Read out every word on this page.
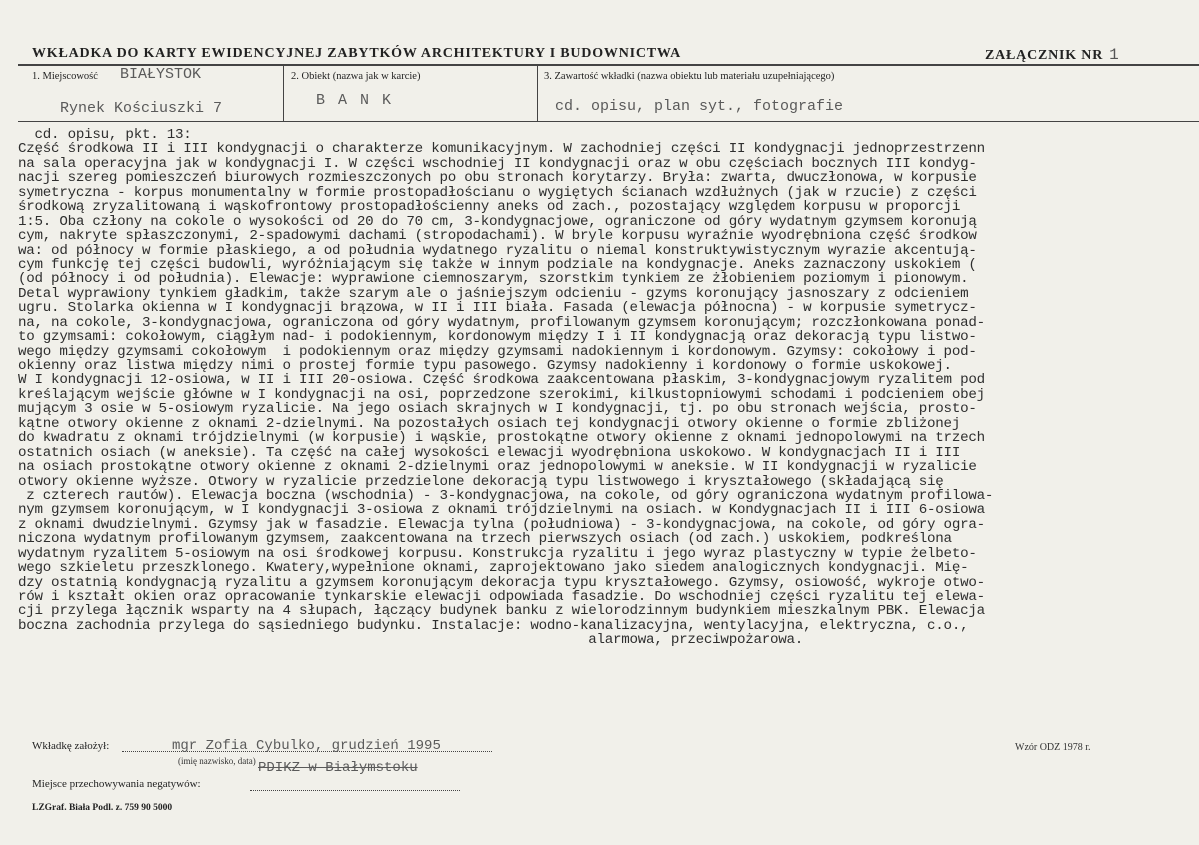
WKŁADKA DO KARTY EWIDENCYJNEJ ZABYTKÓW ARCHITEKTURY I BUDOWNICTWA	ZAŁĄCZNIK NR 1
1. Miejscowość BIAŁYSTOK
Rynek Kościuszki 7
2. Obiekt (nazwa jak w karcie)
B A N K
3. Zawartość wkładki (nazwa obiektu lub materiału uzupełniającego)
cd. opisu, plan syt., fotografie
cd. opisu, pkt. 13:
Część środkowa II i III kondygnacji o charakterze komunikacyjnym. W zachodniej części II kondygnacji jednoprzestrzenn
na sala operacyjna jak w kondygnacji I. W części wschodniej II kondygnacji oraz w obu częściach bocznych III kondyg-
nacji szereg pomieszczeń biurowych rozmieszczonych po obu stronach korytarzy. Bryła: zwarta, dwuczłonowa, w korpusie
symetryczna - korpus monumentalny w formie prostopadłościanu o wygiętych ścianach wzdłużnych (jak w rzucie) z części
środkową zryzalitowaną i wąskofrontowy prostopadłościenny aneks od zach., pozostający względem korpusu w proporcji
1:5. Oba człony na cokole o wysokości od 20 do 70 cm, 3-kondygnacjowe, ograniczone od góry wydatnym gzymsem koronują
cym, nakryte spłaszczonymi, 2-spadowymi dachami (stropodachami). W bryle korpusu wyraźnie wyodrębniona część środkow
wa: od północy w formie płaskiego, a od południa wydatnego ryzalitu o niemal konstruktywistycznym wyrazie akcentują-
cym funkcję tej części budowli, wyróżniającym się także w innym podziale na kondygnacje. Aneks zaznaczony uskokiem (
(od północy i od południa). Elewacje: wyprawione ciemnoszarym, szorstkim tynkiem ze żłobieniem poziomym i pionowym.
Detal wyprawiony tynkiem gładkim, także szarym ale o jaśniejszym odcieniu - gzyms koronujący jasnoszary z odcieniem
ugru. Stolarka okienna w I kondygnacji brązowa, w II i III biała. Fasada (elewacja północna) - w korpusie symetrycz-
na, na cokole, 3-kondygnacjowa, ograniczona od góry wydatnym, profilowanym gzymsem koronującym; rozczłonkowana ponad-
to gzymsami: cokołowym, ciągłym nad- i podokiennym, kordonowym między I i II kondygnacją oraz dekoracją typu listwo-
wego między gzymsami cokołowym  i podokiennym oraz między gzymsami nadokiennym i kordonowym. Gzymsy: cokołowy i pod-
okienny oraz listwa między nimi o prostej formie typu pasowego. Gzymsy nadokienny i kordonowy o formie uskokowej.
W I kondygnacji 12-osiowa, w II i III 20-osiowa. Część środkowa zaakcentowana płaskim, 3-kondygnacjowym ryzalitem pod
kreślającym wejście główne w I kondygnacji na osi, poprzedzone szerokimi, kilkustopniowymi schodami i podcieniem obej
mującym 3 osie w 5-osiowym ryzalicie. Na jego osiach skrajnych w I kondygnacji, tj. po obu stronach wejścia, prosto-
kątne otwory okienne z oknami 2-dzielnymi. Na pozostałych osiach tej kondygnacji otwory okienne o formie zbliżonej
do kwadratu z oknami trójdzielnymi (w korpusie) i wąskie, prostokątne otwory okienne z oknami jednopolowymi na trzech
ostatnich osiach (w aneksie). Ta część na całej wysokości elewacji wyodrębniona uskokowo. W kondygnacjach II i III
na osiach prostokątne otwory okienne z oknami 2-dzielnymi oraz jednopolowymi w aneksie. W II kondygnacji w ryzalicie
otwory okienne wyższe. Otwory w ryzalicie przedzielone dekoracją typu listwowego i kryształowego (składającą się
z czterech rautów). Elewacja boczna (wschodnia) - 3-kondygnacjowa, na cokole, od góry ograniczona wydatnym profilowa-
nym gzymsem koronującym, w I kondygnacji 3-osiowa z oknami trójdzielnymi na osiach. w Kondygnacjach II i III 6-osiowa
z oknami dwudzielnymi. Gzymsy jak w fasadzie. Elewacja tylna (południowa) - 3-kondygnacjowa, na cokole, od góry ogra-
niczona wydatnym profilowanym gzymsem, zaakcentowana na trzech pierwszych osiach (od zach.) uskokiem, podkreślona
wydatnym ryzalitem 5-osiowym na osi środkowej korpusu. Konstrukcja ryzalitu i jego wyraz plastyczny w typie żelbeto-
wego szkieletu przeszklonego. Kwatery,wypełnione oknami, zaprojektowano jako siedem analogicznych kondygnacji. Mię-
dzy ostatnią kondygnacją ryzalitu a gzymsem koronującym dekoracja typu kryształowego. Gzymsy, osiowość, wykroje otwo-
rów i kształt okien oraz opracowanie tynkarskie elewacji odpowiada fasadzie. Do wschodniej części ryzalitu tej elewa-
cji przylega łącznik wsparty na 4 słupach, łączący budynek banku z wielorodzinnym budynkiem mieszkalnym PBK. Elewacja
boczna zachodnia przylega do sąsiedniego budynku. Instalacje: wodno-kanalizacyjna, wentylacyjna, elektryczna, c.o.,
alarmowa, przeciwpożarowa.
Wkładkę założył:
(imię nazwisko, data)
mgr Zofia Cybulko, grudzień 1995
Miejsce przechowywania negatywów:
PDIKZ w Białymstoku
Wzór ODZ 1978 r.
LZGraf. Biała Podl. z. 759 90 5000
